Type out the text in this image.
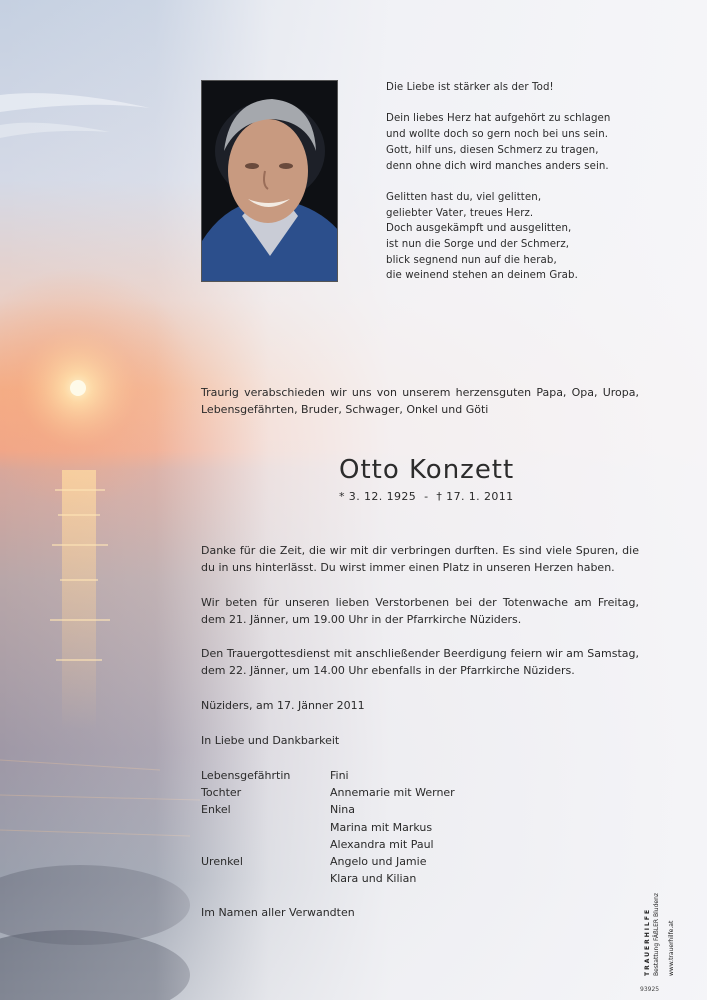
Die Liebe ist stärker als der Tod!
Dein liebes Herz hat aufgehört zu schlagen
und wollte doch so gern noch bei uns sein.
Gott, hilf uns, diesen Schmerz zu tragen,
denn ohne dich wird manches anders sein.
Gelitten hast du, viel gelitten,
geliebter Vater, treues Herz.
Doch ausgekämpft und ausgelitten,
ist nun die Sorge und der Schmerz,
blick segnend nun auf die herab,
die weinend stehen an deinem Grab.
Traurig verabschieden wir uns von unserem herzensguten Papa, Opa, Uropa, Lebensgefährten, Bruder, Schwager, Onkel und Göti
Otto Konzett
* 3. 12. 1925 - † 17. 1. 2011
Danke für die Zeit, die wir mit dir verbringen durften. Es sind viele Spuren, die du in uns hinterlässt. Du wirst immer einen Platz in unseren Herzen haben.
Wir beten für unseren lieben Verstorbenen bei der Totenwache am Freitag, dem 21. Jänner, um 19.00 Uhr in der Pfarrkirche Nüziders.
Den Trauergottesdienst mit anschließender Beerdigung feiern wir am Samstag, dem 22. Jänner, um 14.00 Uhr ebenfalls in der Pfarrkirche Nüziders.
Nüziders, am 17. Jänner 2011
In Liebe und Dankbarkeit
Lebensgefährtin	Fini
Tochter	Annemarie mit Werner
Enkel	Nina
Marina mit Markus
Alexandra mit Paul
Urenkel	Angelo und Jamie
Klara und Kilian
Im Namen aller Verwandten	TRAUERHILFE Bestattung FÄßLER Bludenz www.trauerhilfe.at
93925
